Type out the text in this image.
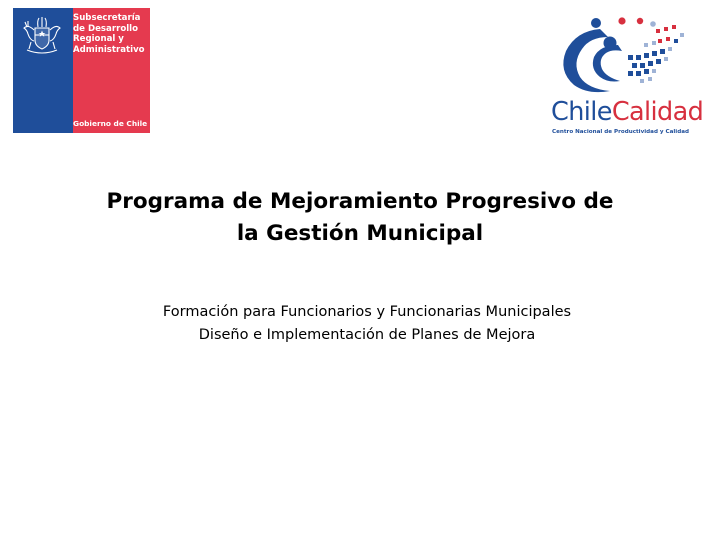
Subsecretaría
de Desarrollo
Regional y
Administrativo
Gobierno de Chile	ChileCalidad
Centro Nacional de Productividad y Calidad
Programa de Mejoramiento Progresivo de
la Gestión Municipal
Formación para Funcionarios y Funcionarias Municipales
Diseño e Implementación de Planes de Mejora
